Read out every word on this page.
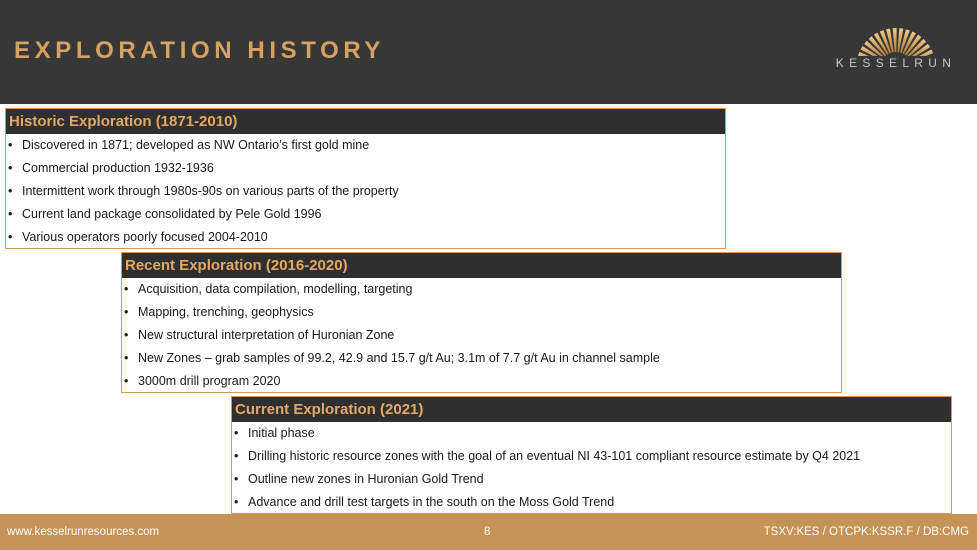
EXPLORATION HISTORY	KESSELRUN
Historic Exploration (1871-2010)
• Discovered in 1871; developed as NW Ontario’s first gold mine
• Commercial production 1932-1936
• Intermittent work through 1980s-90s on various parts of the property
• Current land package consolidated by Pele Gold 1996
• Various operators poorly focused 2004-2010
Recent Exploration (2016-2020)
• Acquisition, data compilation, modelling, targeting
• Mapping, trenching, geophysics
• New structural interpretation of Huronian Zone
• New Zones – grab samples of 99.2, 42.9 and 15.7 g/t Au; 3.1m of 7.7 g/t Au in channel sample
• 3000m drill program 2020
Current Exploration (2021)
• Initial phase
• Drilling historic resource zones with the goal of an eventual NI 43-101 compliant resource estimate by Q4 2021
• Outline new zones in Huronian Gold Trend
• Advance and drill test targets in the south on the Moss Gold Trend
www.kesselrunresources.com	8	TSXV:KES / OTCPK:KSSR.F / DB:CMG
